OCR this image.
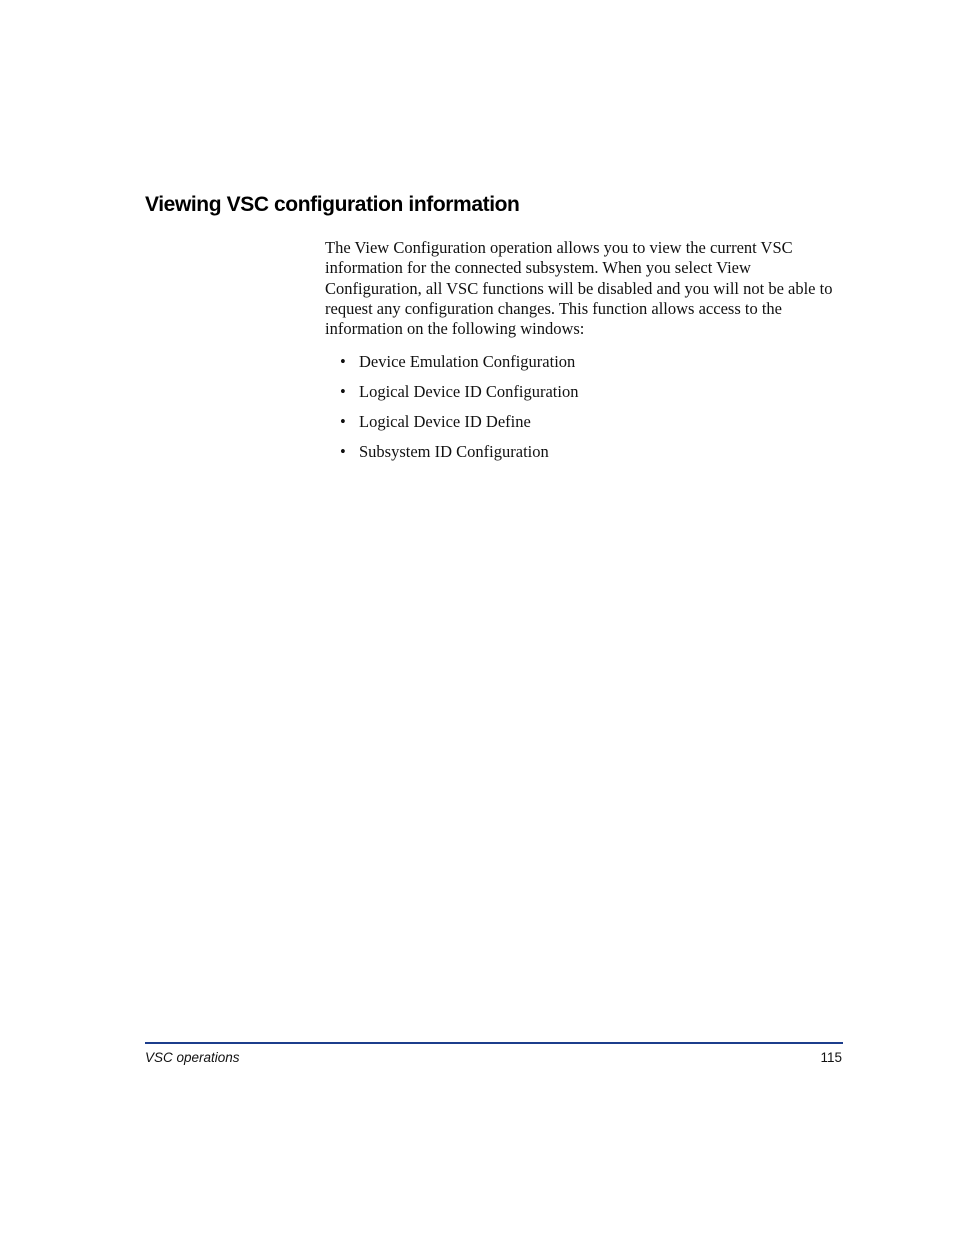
Viewing VSC configuration information

The View Configuration operation allows you to view the current VSC information for the connected subsystem. When you select View Configuration, all VSC functions will be disabled and you will not be able to request any configuration changes. This function allows access to the information on the following windows:

• Device Emulation Configuration
• Logical Device ID Configuration
• Logical Device ID Define
• Subsystem ID Configuration
VSC operations	115
